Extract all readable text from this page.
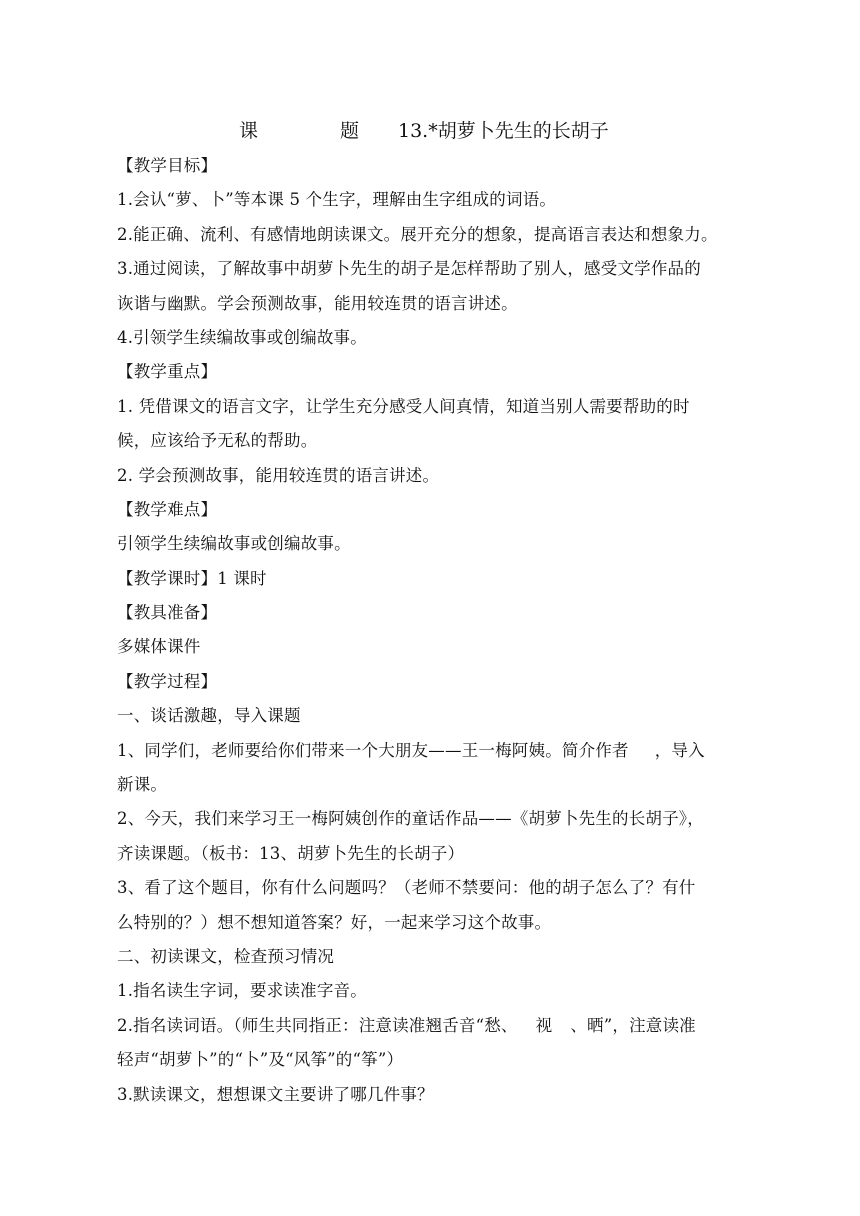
课	题 13.*胡萝卜先生的长胡子
【教学目标】
1.会认“萝、卜”等本课 5 个生字，理解由生字组成的词语。
2.能正确、流利、有感情地朗读课文。展开充分的想象，提高语言表达和想象力。
3.通过阅读，了解故事中胡萝卜先生的胡子是怎样帮助了别人，感受文学作品的
诙谐与幽默。学会预测故事，能用较连贯的语言讲述。
4.引领学生续编故事或创编故事。
【教学重点】
1. 凭借课文的语言文字，让学生充分感受人间真情，知道当别人需要帮助的时
候，应该给予无私的帮助。
2. 学会预测故事，能用较连贯的语言讲述。
【教学难点】
引领学生续编故事或创编故事。
【教学课时】1 课时
【教具准备】
多媒体课件
【教学过程】
一、谈话激趣，导入课题
1、同学们，老师要给你们带来一个大朋友——王一梅阿姨。简介作者 ，导入
新课。
2、今天，我们来学习王一梅阿姨创作的童话作品——《胡萝卜先生的长胡子》，
齐读课题。（板书：13、胡萝卜先生的长胡子）
3、看了这个题目，你有什么问题吗？（老师不禁要问：他的胡子怎么了？有什
么特别的？）想不想知道答案？好，一起来学习这个故事。
二、初读课文，检查预习情况
1.指名读生字词，要求读准字音。
2.指名读词语。（师生共同指正：注意读准翘舌音“愁、 视 、晒”，注意读准
轻声“胡萝卜”的“卜”及“风筝”的“筝”）
3.默读课文，想想课文主要讲了哪几件事？
